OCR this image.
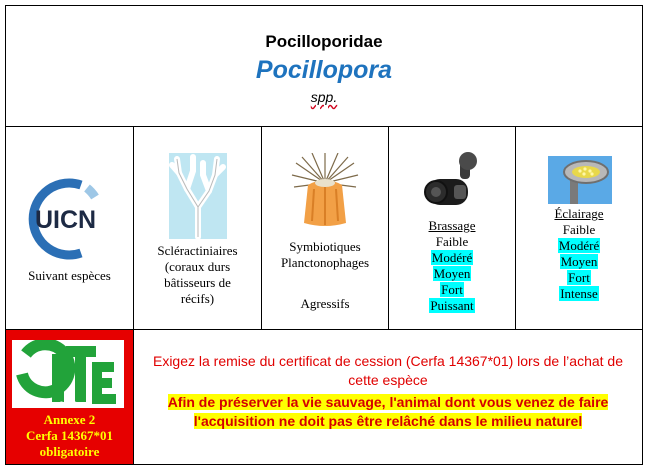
Pocilloporidae
Pocillopora
spp.
UICN
Suivant espèces
Scléractiniaires
(coraux durs
bâtisseurs de
récifs)
Symbiotiques
Planctonophages
Agressifs
Brassage
Faible
Modéré
Moyen
Fort
Puissant
Éclairage
Faible
Modéré
Moyen
Fort
Intense
CITES
Annexe 2
Cerfa 14367*01
obligatoire
Exigez la remise du certificat de cession (Cerfa 14367*01) lors de l’achat de
cette espèce
Afin de préserver la vie sauvage, l'animal dont vous venez de faire
l'acquisition ne doit pas être relâché dans le milieu naturel
